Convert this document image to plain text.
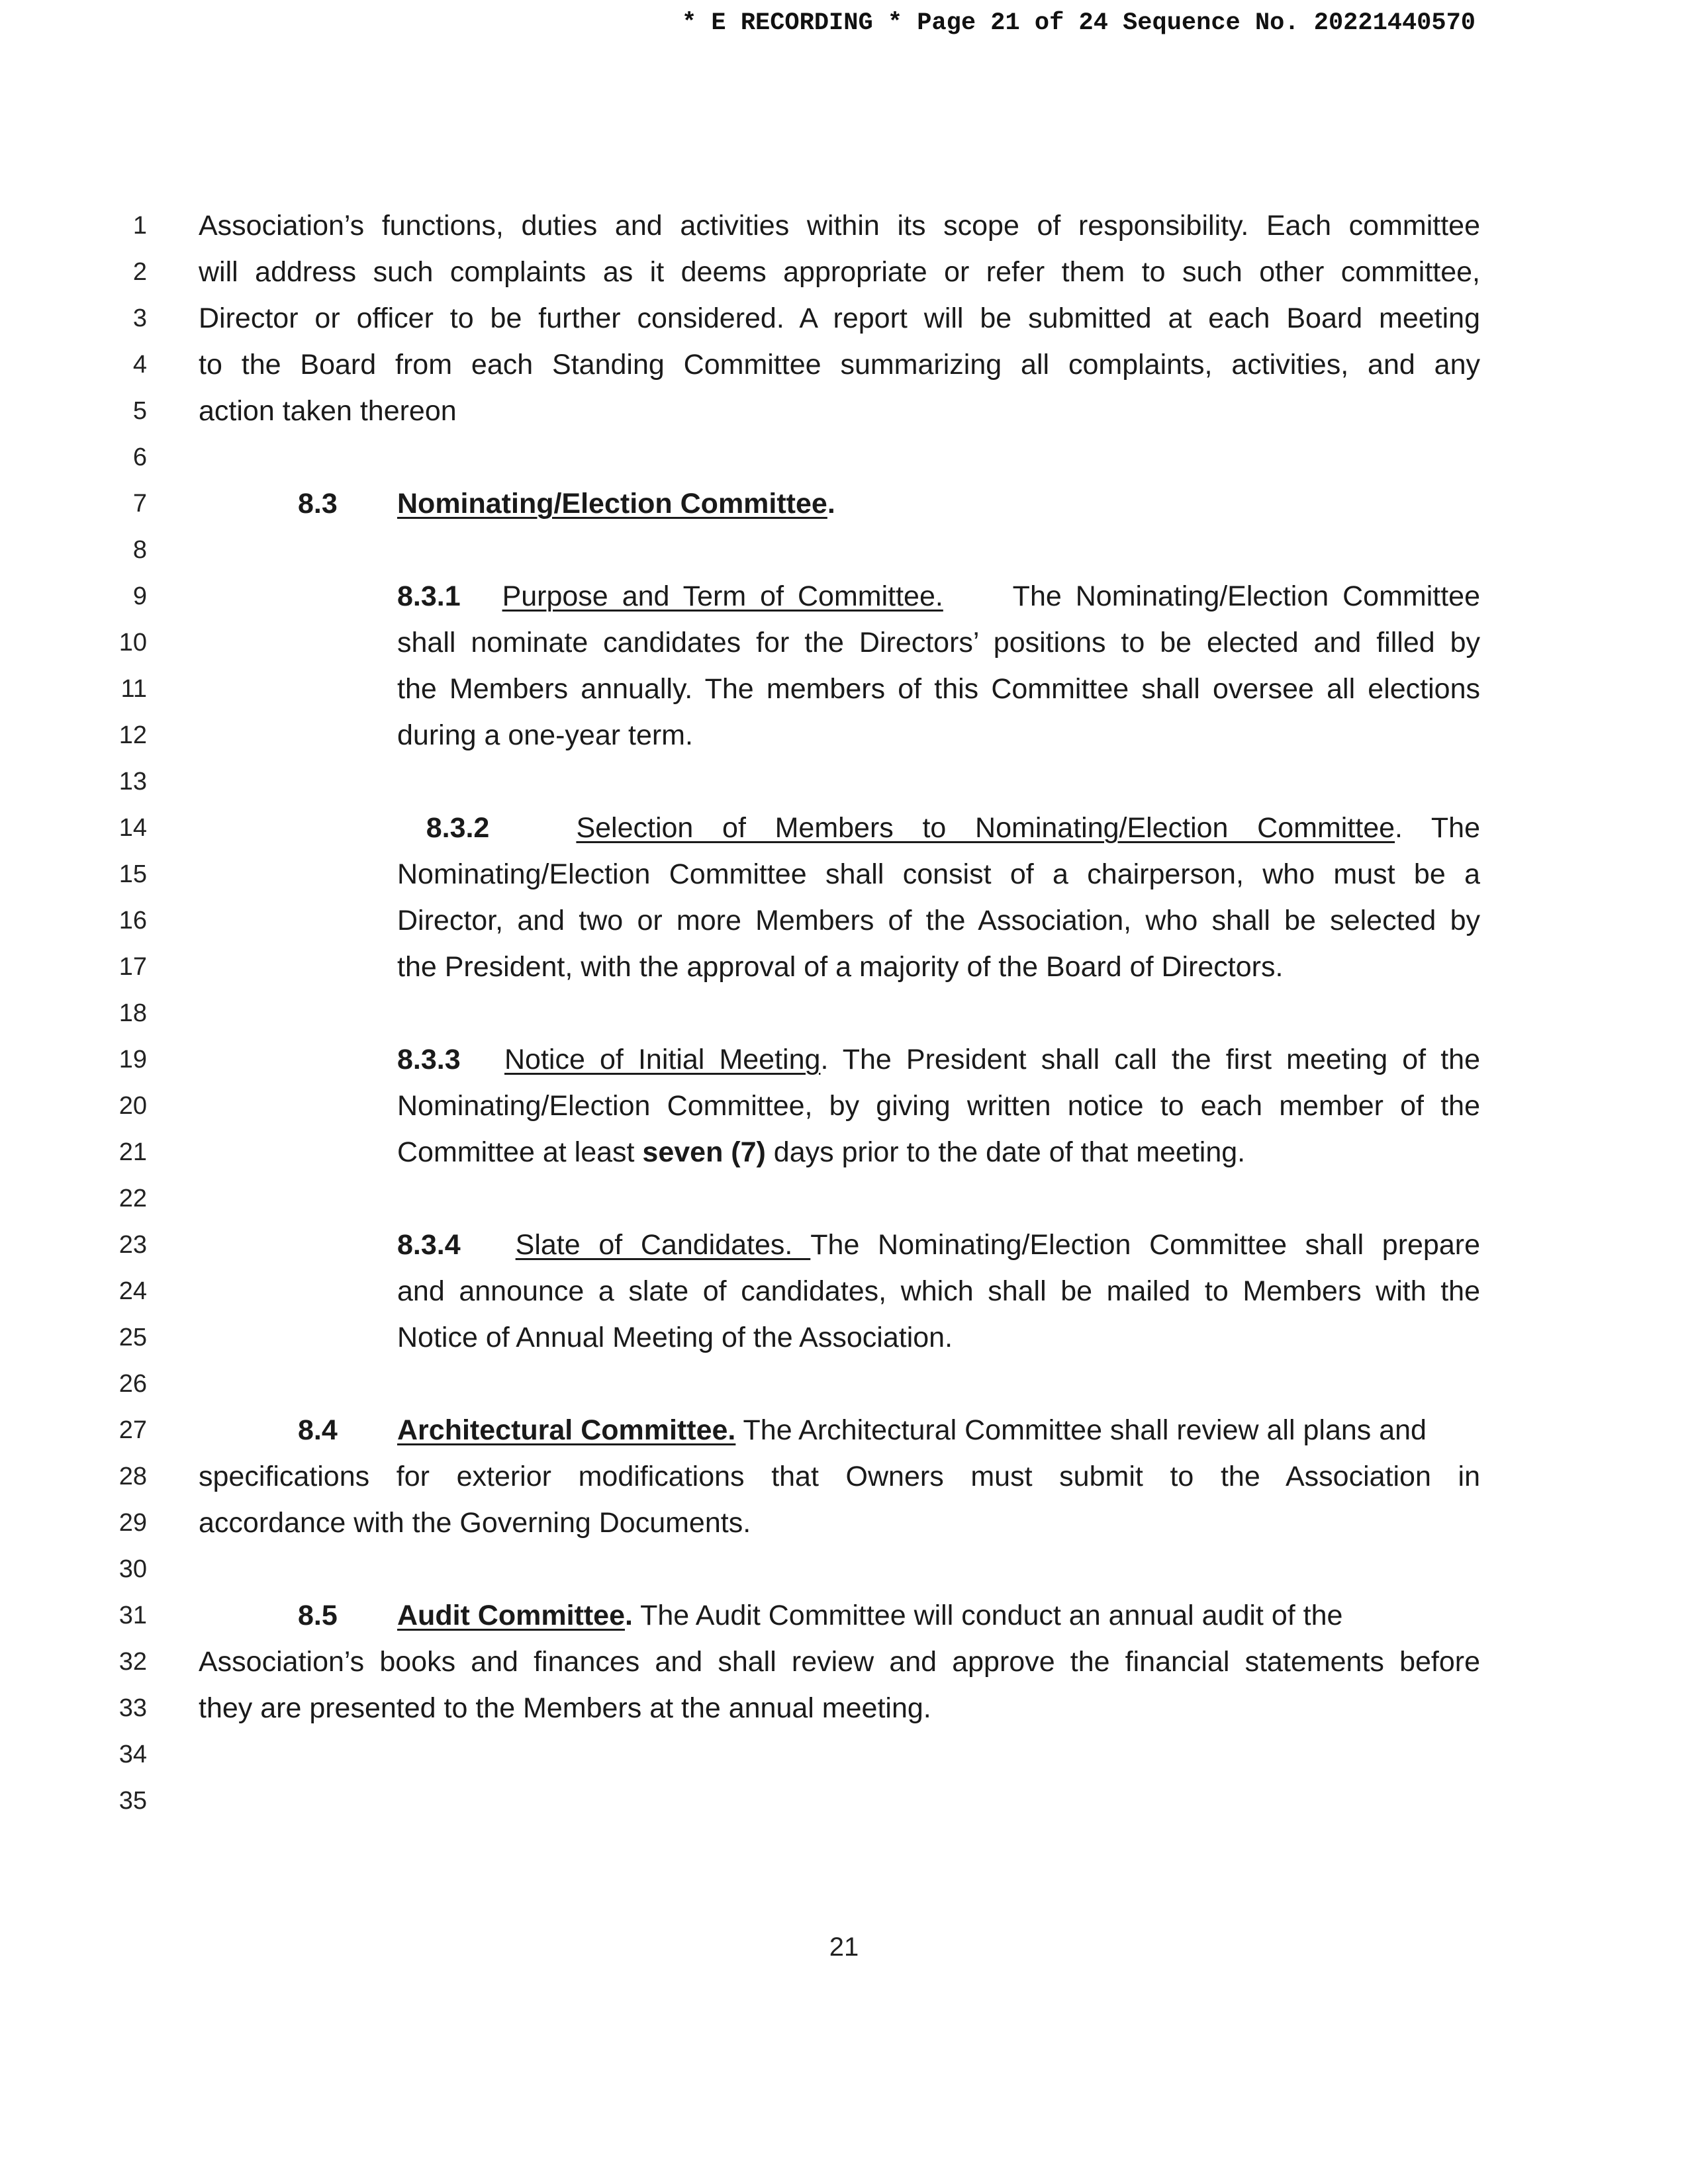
* E RECORDING * Page 21 of 24 Sequence No. 20221440570
1
2
3
4
5
6
7
8
9
10
11
12
13
14
15
16
17
18
19
20
21
22
23
24
25
26
27
28
29
30
31
32
33
34
35
Association’s functions, duties and activities within its scope of responsibility. Each committee
will address such complaints as it deems appropriate or refer them to such other committee,
Director or officer to be further considered. A report will be submitted at each Board meeting
to the Board from each Standing Committee summarizing all complaints, activities, and any
action taken thereon
8.3 Nominating/Election Committee.
8.3.1 Purpose and Term of Committee. The Nominating/Election Committee
shall nominate candidates for the Directors’ positions to be elected and filled by
the Members annually. The members of this Committee shall oversee all elections
during a one-year term.
8.3.2	Selection of Members to Nominating/Election Committee. The
Nominating/Election Committee shall consist of a chairperson, who must be a
Director, and two or more Members of the Association, who shall be selected by
the President, with the approval of a majority of the Board of Directors.
8.3.3 Notice of Initial Meeting. The President shall call the first meeting of the
Nominating/Election Committee, by giving written notice to each member of the
Committee at least seven (7) days prior to the date of that meeting.
8.3.4 Slate of Candidates. The Nominating/Election Committee shall prepare
and announce a slate of candidates, which shall be mailed to Members with the
Notice of Annual Meeting of the Association.
8.4 Architectural Committee. The Architectural Committee shall review all plans and
specifications for exterior modifications that Owners must submit to the Association in
accordance with the Governing Documents.
8.5 Audit Committee. The Audit Committee will conduct an annual audit of the
Association’s books and finances and shall review and approve the financial statements before
they are presented to the Members at the annual meeting.
21
